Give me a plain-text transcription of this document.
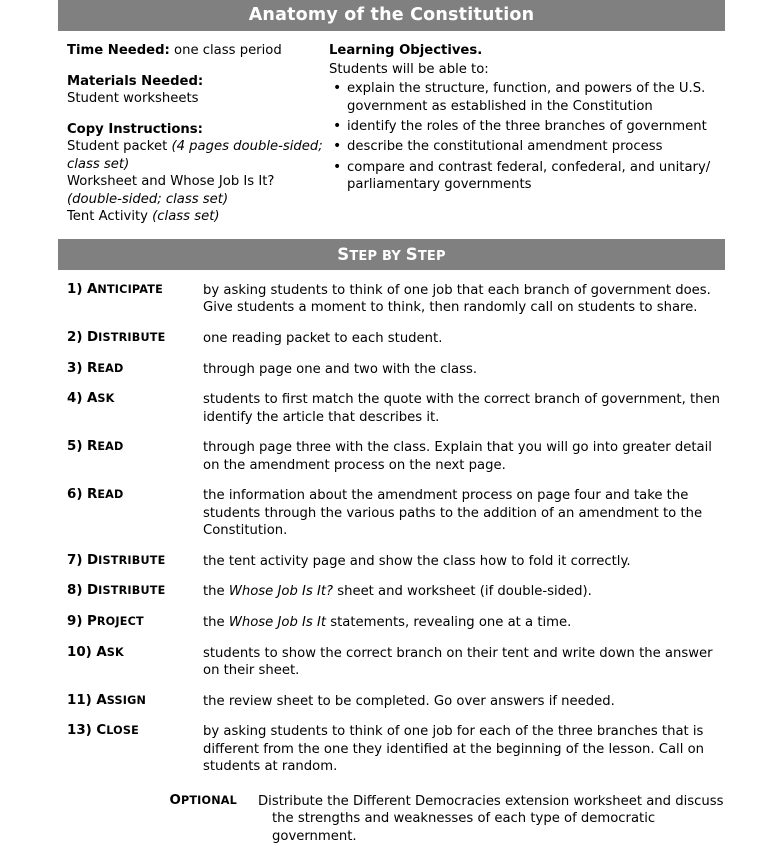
Anatomy of the Constitution

Time Needed: one class period

Materials Needed:

Student worksheets

Copy Instructions:

Student packet (4 pages double-sided; class set)

Worksheet and Whose Job Is It?
(double-sided; class set)

Tent Activity (class set)

Learning Objectives.

Students will be able to:

• explain the structure, function, and powers of the U.S. government as established in the Constitution
• identify the roles of the three branches of government
• describe the constitutional amendment process
• compare and contrast federal, confederal, and unitary/ parliamentary governments
STEP BY STEP
1) ANTICIPATE	by asking students to think of one job that each branch of government does. Give students a moment to think, then randomly call on students to share.
2) DISTRIBUTE	one reading packet to each student.
3) READ	through page one and two with the class.
4) ASK	students to first match the quote with the correct branch of government, then identify the article that describes it.
5) READ	through page three with the class. Explain that you will go into greater detail on the amendment process on the next page.
6) READ	the information about the amendment process on page four and take the students through the various paths to the addition of an amendment to the Constitution.
7) DISTRIBUTE	the tent activity page and show the class how to fold it correctly.
8) DISTRIBUTE	the Whose Job Is It? sheet and worksheet (if double-sided).
9) PROJECT	the Whose Job Is It statements, revealing one at a time.
10) ASK	students to show the correct branch on their tent and write down the answer on their sheet.
11) ASSIGN	the review sheet to be completed. Go over answers if needed.
13) CLOSE	by asking students to think of one job for each of the three branches that is different from the one they identified at the beginning of the lesson. Call on students at random.
OPTIONAL	Distribute the Different Democracies extension worksheet and discuss
the strengths and weaknesses of each type of democratic government.
